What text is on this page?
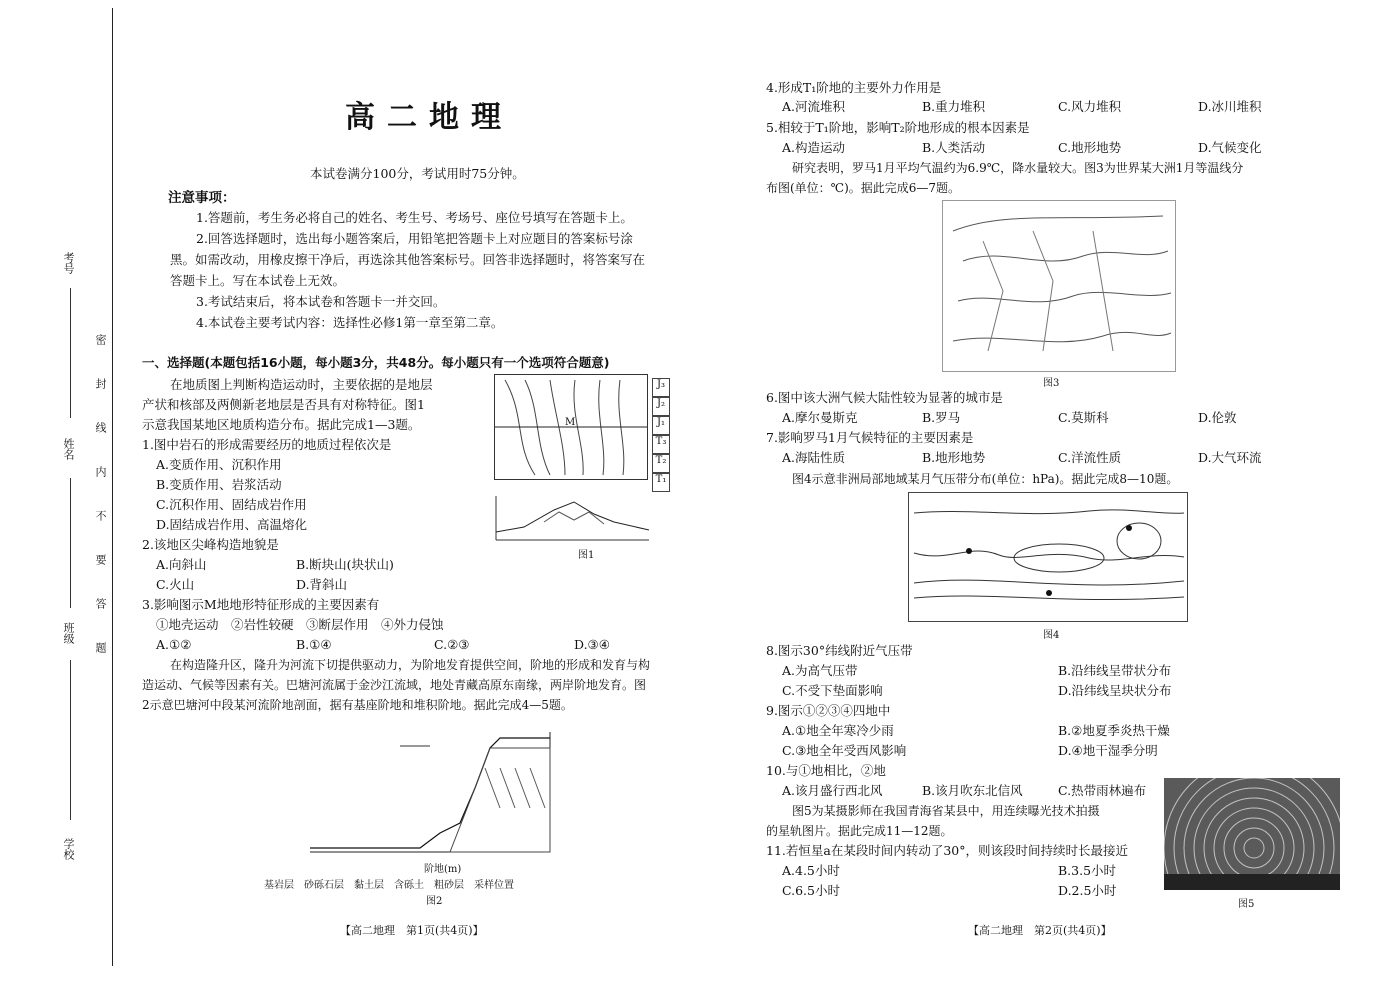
考号
姓名
班级
学校
密
封
线
内
不
要
答
题
高二地理
本试卷满分100分，考试用时75分钟。
注意事项：
1.答题前，考生务必将自己的姓名、考生号、考场号、座位号填写在答题卡上。
2.回答选择题时，选出每小题答案后，用铅笔把答题卡上对应题目的答案标号涂
黑。如需改动，用橡皮擦干净后，再选涂其他答案标号。回答非选择题时，将答案写在
答题卡上。写在本试卷上无效。
3.考试结束后，将本试卷和答题卡一并交回。
4.本试卷主要考试内容：选择性必修1第一章至第二章。
一、选择题(本题包括16小题，每小题3分，共48分。每小题只有一个选项符合题意)
在地质图上判断构造运动时，主要依据的是地层
产状和核部及两侧新老地层是否具有对称特征。图1
示意我国某地区地质构造分布。据此完成1—3题。
1.图中岩石的形成需要经历的地质过程依次是
A.变质作用、沉积作用
B.变质作用、岩浆活动
C.沉积作用、固结成岩作用
D.固结成岩作用、高温熔化
2.该地区尖峰构造地貌是
A.向斜山	B.断块山(块状山)
C.火山	D.背斜山
3.影响图示M地地形特征形成的主要因素有
①地壳运动　②岩性较硬　③断层作用　④外力侵蚀
A.①②	B.①④	C.②③	D.③④
在构造隆升区，隆升为河流下切提供驱动力，为阶地发育提供空间，阶地的形成和发育与构
造运动、气候等因素有关。巴塘河流属于金沙江流域，地处青藏高原东南缘，两岸阶地发育。图
2示意巴塘河中段某河流阶地剖面，据有基座阶地和堆积阶地。据此完成4—5题。
M
J₃
J₂
J₁
T₃
T₂
T₁
图1
阶地(m)
基岩层 砂砾石层 黏土层 含砾土 粗砂层 采样位置
图2
【高二地理　第1页(共4页)】
4.形成T₁阶地的主要外力作用是
A.河流堆积	B.重力堆积	C.风力堆积	D.冰川堆积
5.相较于T₁阶地，影响T₂阶地形成的根本因素是
A.构造运动	B.人类活动	C.地形地势	D.气候变化
研究表明，罗马1月平均气温约为6.9℃，降水量较大。图3为世界某大洲1月等温线分
布图(单位：℃)。据此完成6—7题。
图3
6.图中该大洲气候大陆性较为显著的城市是
A.摩尔曼斯克	B.罗马	C.莫斯科	D.伦敦
7.影响罗马1月气候特征的主要因素是
A.海陆性质	B.地形地势	C.洋流性质	D.大气环流
图4示意非洲局部地域某月气压带分布(单位：hPa)。据此完成8—10题。
图4
8.图示30°纬线附近气压带
A.为高气压带	B.沿纬线呈带状分布
C.不受下垫面影响	D.沿纬线呈块状分布
9.图示①②③④四地中
A.①地全年寒冷少雨	B.②地夏季炎热干燥
C.③地全年受西风影响	D.④地干湿季分明
10.与①地相比，②地
A.该月盛行西北风	B.该月吹东北信风	C.热带雨林遍布
图5为某摄影师在我国青海省某县中，用连续曝光技术拍摄
的星轨图片。据此完成11—12题。
11.若恒星a在某段时间内转动了30°，则该段时间持续时长最接近
A.4.5小时	B.3.5小时
C.6.5小时	D.2.5小时
图5
【高二地理　第2页(共4页)】
